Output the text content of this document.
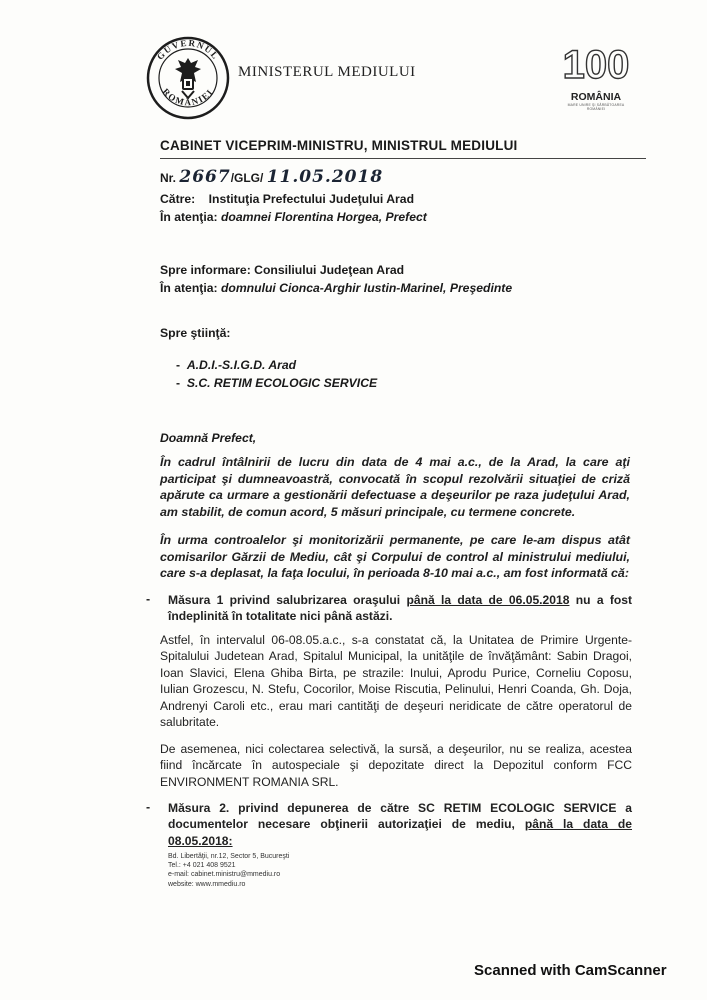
GUVERNUL
ROMÂNIEI
MINISTERUL MEDIULUI	100
ROMÂNIA
MARE UNIRE ŞI SĂRBĂTOAREA ROMÂNIEI
CABINET VICEPRIM-MINISTRU, MINISTRUL MEDIULUI
Nr. 2667/GLG/ 11.05.2018
Către: Instituţia Prefectului Judeţului Arad
În atenţia: doamnei Florentina Horgea, Prefect
Spre informare: Consiliului Judeţean Arad
În atenţia: domnului Cionca-Arghir Iustin-Marinel, Preşedinte
Spre ştiinţă:
- A.D.I.-S.I.G.D. Arad
- S.C. RETIM ECOLOGIC SERVICE
Doamnă Prefect,
În cadrul întâlnirii de lucru din data de 4 mai a.c., de la Arad, la care aţi participat şi dumneavoastră, convocată în scopul rezolvării situaţiei de criză apărute ca urmare a gestionării defectuase a deşeurilor pe raza judeţului Arad, am stabilit, de comun acord, 5 măsuri principale, cu termene concrete.
În urma controalelor şi monitorizării permanente, pe care le-am dispus atât comisarilor Gărzii de Mediu, cât şi Corpului de control al ministrului mediului, care s-a deplasat, la faţa locului, în perioada 8-10 mai a.c., am fost informată că:
- Măsura 1 privind salubrizarea oraşului până la data de 06.05.2018 nu a fost îndeplinită în totalitate nici până astăzi.
Astfel, în intervalul 06-08.05.a.c., s-a constatat că, la Unitatea de Primire Urgente-Spitalului Judetean Arad, Spitalul Municipal, la unităţile de învăţământ: Sabin Dragoi, Ioan Slavici, Elena Ghiba Birta, pe strazile: Inului, Aprodu Purice, Corneliu Coposu, Iulian Grozescu, N. Stefu, Cocorilor, Moise Riscutia, Pelinului, Henri Coanda, Gh. Doja, Andrenyi Caroli etc., erau mari cantităţi de deşeuri neridicate de către operatorul de salubritate.
De asemenea, nici colectarea selectivă, la sursă, a deşeurilor, nu se realiza, acestea fiind încărcate în autospeciale şi depozitate direct la Depozitul conform FCC ENVIRONMENT ROMANIA SRL.
- Măsura 2. privind depunerea de către SC RETIM ECOLOGIC SERVICE a documentelor necesare obţinerii autorizaţiei de mediu, până la data de 08.05.2018:
Bd. Libertăţii, nr.12, Sector 5, Bucureşti
Tel.: +4 021 408 9521
e-mail: cabinet.ministru@mmediu.ro
website: www.mmediu.ro
Scanned with CamScanner
